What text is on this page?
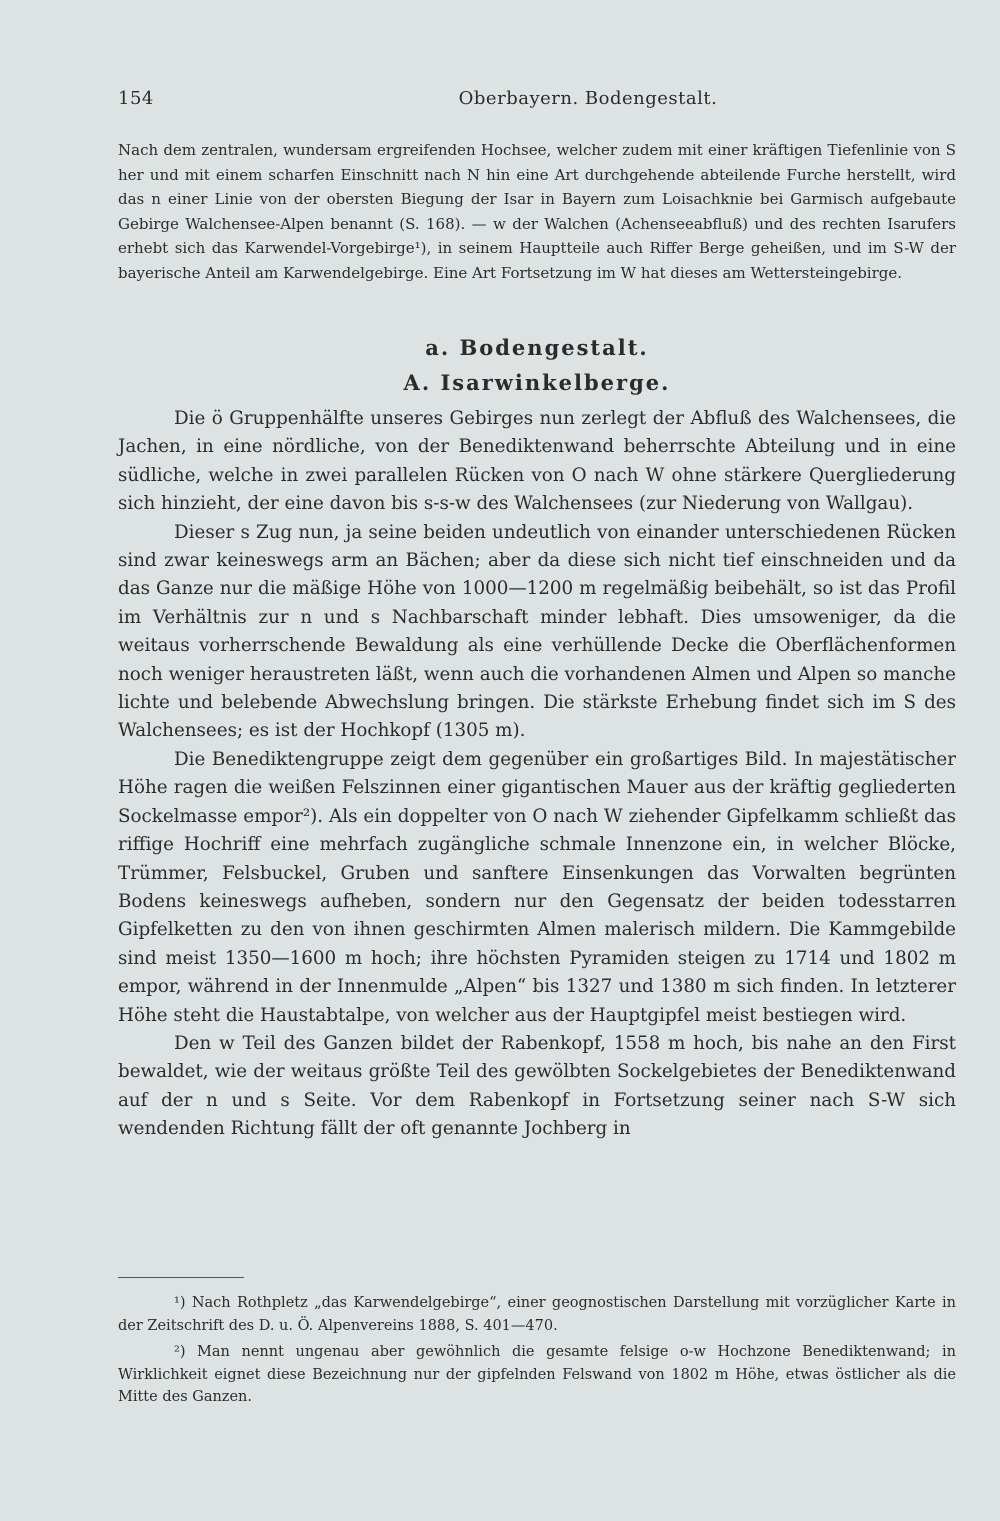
154	Oberbayern. Bodengestalt.

Nach dem zentralen, wundersam ergreifenden Hochsee, welcher zudem mit einer kräftigen Tiefenlinie von S her und mit einem scharfen Einschnitt nach N hin eine Art durchgehende abteilende Furche herstellt, wird das n einer Linie von der obersten Biegung der Isar in Bayern zum Loisachknie bei Garmisch aufgebaute Gebirge Walchensee-Alpen benannt (S. 168). — w der Walchen (Achenseeabfluß) und des rechten Isarufers erhebt sich das Karwendel-Vorgebirge¹), in seinem Hauptteile auch Riffer Berge geheißen, und im S-W der bayerische Anteil am Karwendelgebirge. Eine Art Fortsetzung im W hat dieses am Wettersteingebirge.

a. Bodengestalt.
A. Isarwinkelberge.

Die ö Gruppenhälfte unseres Gebirges nun zerlegt der Abfluß des Walchensees, die Jachen, in eine nördliche, von der Benediktenwand beherrschte Abteilung und in eine südliche, welche in zwei parallelen Rücken von O nach W ohne stärkere Quergliederung sich hinzieht, der eine davon bis s-s-w des Walchensees (zur Niederung von Wallgau).

Dieser s Zug nun, ja seine beiden undeutlich von einander unterschiedenen Rücken sind zwar keineswegs arm an Bächen; aber da diese sich nicht tief einschneiden und da das Ganze nur die mäßige Höhe von 1000—1200 m regelmäßig beibehält, so ist das Profil im Verhältnis zur n und s Nachbarschaft minder lebhaft. Dies umsoweniger, da die weitaus vorherrschende Bewaldung als eine verhüllende Decke die Oberflächenformen noch weniger heraustreten läßt, wenn auch die vorhandenen Almen und Alpen so manche lichte und belebende Abwechslung bringen. Die stärkste Erhebung findet sich im S des Walchensees; es ist der Hochkopf (1305 m).

Die Benediktengruppe zeigt dem gegenüber ein großartiges Bild. In majestätischer Höhe ragen die weißen Felszinnen einer gigantischen Mauer aus der kräftig gegliederten Sockelmasse empor²). Als ein doppelter von O nach W ziehender Gipfelkamm schließt das riffige Hochriff eine mehrfach zugängliche schmale Innenzone ein, in welcher Blöcke, Trümmer, Felsbuckel, Gruben und sanftere Einsenkungen das Vorwalten begrünten Bodens keineswegs aufheben, sondern nur den Gegensatz der beiden todesstarren Gipfelketten zu den von ihnen geschirmten Almen malerisch mildern. Die Kammgebilde sind meist 1350—1600 m hoch; ihre höchsten Pyramiden steigen zu 1714 und 1802 m empor, während in der Innenmulde „Alpen“ bis 1327 und 1380 m sich finden. In letzterer Höhe steht die Haustabtalpe, von welcher aus der Hauptgipfel meist bestiegen wird.

Den w Teil des Ganzen bildet der Rabenkopf, 1558 m hoch, bis nahe an den First bewaldet, wie der weitaus größte Teil des gewölbten Sockelgebietes der Benediktenwand auf der n und s Seite. Vor dem Rabenkopf in Fortsetzung seiner nach S-W sich wendenden Richtung fällt der oft genannte Jochberg in

¹) Nach Rothpletz „das Karwendelgebirge“, einer geognostischen Darstellung mit vorzüglicher Karte in der Zeitschrift des D. u. Ö. Alpenvereins 1888, S. 401—470.

²) Man nennt ungenau aber gewöhnlich die gesamte felsige o-w Hochzone Benediktenwand; in Wirklichkeit eignet diese Bezeichnung nur der gipfelnden Felswand von 1802 m Höhe, etwas östlicher als die Mitte des Ganzen.
